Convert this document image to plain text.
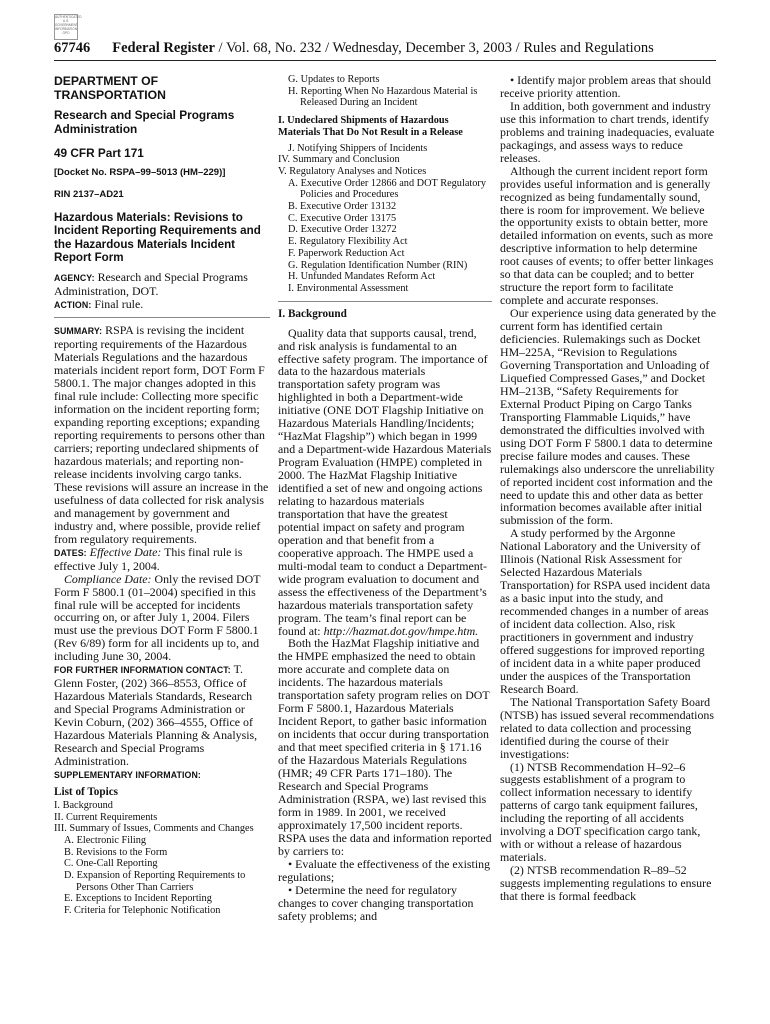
AUTHENTICATED U.S. GOVERNMENT INFORMATION GPO
67746 Federal Register / Vol. 68, No. 232 / Wednesday, December 3, 2003 / Rules and Regulations
DEPARTMENT OF TRANSPORTATION
Research and Special Programs Administration
49 CFR Part 171
[Docket No. RSPA–99–5013 (HM–229)]
RIN 2137–AD21
Hazardous Materials: Revisions to Incident Reporting Requirements and the Hazardous Materials Incident Report Form

AGENCY: Research and Special Programs Administration, DOT.

ACTION: Final rule.

SUMMARY: RSPA is revising the incident reporting requirements of the Hazardous Materials Regulations and the hazardous materials incident report form, DOT Form F 5800.1. The major changes adopted in this final rule include: Collecting more specific information on the incident reporting form; expanding reporting exceptions; expanding reporting requirements to persons other than carriers; reporting undeclared shipments of hazardous materials; and reporting non-release incidents involving cargo tanks. These revisions will assure an increase in the usefulness of data collected for risk analysis and management by government and industry and, where possible, provide relief from regulatory requirements.

DATES: Effective Date: This final rule is effective July 1, 2004.

Compliance Date: Only the revised DOT Form F 5800.1 (01–2004) specified in this final rule will be accepted for incidents occurring on, or after July 1, 2004. Filers must use the previous DOT Form F 5800.1 (Rev 6/89) form for all incidents up to, and including June 30, 2004.

FOR FURTHER INFORMATION CONTACT: T. Glenn Foster, (202) 366–8553, Office of Hazardous Materials Standards, Research and Special Programs Administration or Kevin Coburn, (202) 366–4555, Office of Hazardous Materials Planning & Analysis, Research and Special Programs Administration.

SUPPLEMENTARY INFORMATION:

List of Topics
I. Background
II. Current Requirements
III. Summary of Issues, Comments and Changes
A. Electronic Filing
B. Revisions to the Form
C. One-Call Reporting
D. Expansion of Reporting Requirements to Persons Other Than Carriers
E. Exceptions to Incident Reporting
F. Criteria for Telephonic Notification
G. Updates to Reports
H. Reporting When No Hazardous Material is Released During an Incident
I. Undeclared Shipments of Hazardous Materials That Do Not Result in a Release
J. Notifying Shippers of Incidents
IV. Summary and Conclusion
V. Regulatory Analyses and Notices
A. Executive Order 12866 and DOT Regulatory Policies and Procedures
B. Executive Order 13132
C. Executive Order 13175
D. Executive Order 13272
E. Regulatory Flexibility Act
F. Paperwork Reduction Act
G. Regulation Identification Number (RIN)
H. Unfunded Mandates Reform Act
I. Environmental Assessment
I. Background

Quality data that supports causal, trend, and risk analysis is fundamental to an effective safety program. The importance of data to the hazardous materials transportation safety program was highlighted in both a Department-wide initiative (ONE DOT Flagship Initiative on Hazardous Materials Handling/Incidents; “HazMat Flagship”) which began in 1999 and a Department-wide Hazardous Materials Program Evaluation (HMPE) completed in 2000. The HazMat Flagship Initiative identified a set of new and ongoing actions relating to hazardous materials transportation that have the greatest potential impact on safety and program operation and that benefit from a cooperative approach. The HMPE used a multi-modal team to conduct a Department-wide program evaluation to document and assess the effectiveness of the Department’s hazardous materials transportation safety program. The team’s final report can be found at: http://hazmat.dot.gov/hmpe.htm.

Both the HazMat Flagship initiative and the HMPE emphasized the need to obtain more accurate and complete data on incidents. The hazardous materials transportation safety program relies on DOT Form F 5800.1, Hazardous Materials Incident Report, to gather basic information on incidents that occur during transportation and that meet specified criteria in § 171.16 of the Hazardous Materials Regulations (HMR; 49 CFR Parts 171–180). The Research and Special Programs Administration (RSPA, we) last revised this form in 1989. In 2001, we received approximately 17,500 incident reports. RSPA uses the data and information reported by carriers to:

• Evaluate the effectiveness of the existing regulations;

• Determine the need for regulatory changes to cover changing transportation safety problems; and

• Identify major problem areas that should receive priority attention.

In addition, both government and industry use this information to chart trends, identify problems and training inadequacies, evaluate packagings, and assess ways to reduce releases.

Although the current incident report form provides useful information and is generally recognized as being fundamentally sound, there is room for improvement. We believe the opportunity exists to obtain better, more detailed information on events, such as more descriptive information to help determine root causes of events; to offer better linkages so that data can be coupled; and to better structure the report form to facilitate complete and accurate responses.

Our experience using data generated by the current form has identified certain deficiencies. Rulemakings such as Docket HM–225A, “Revision to Regulations Governing Transportation and Unloading of Liquefied Compressed Gases,” and Docket HM–213B, “Safety Requirements for External Product Piping on Cargo Tanks Transporting Flammable Liquids,” have demonstrated the difficulties involved with using DOT Form F 5800.1 data to determine precise failure modes and causes. These rulemakings also underscore the unreliability of reported incident cost information and the need to update this and other data as better information becomes available after initial submission of the form.

A study performed by the Argonne National Laboratory and the University of Illinois (National Risk Assessment for Selected Hazardous Materials Transportation) for RSPA used incident data as a basic input into the study, and recommended changes in a number of areas of incident data collection. Also, risk practitioners in government and industry offered suggestions for improved reporting of incident data in a white paper produced under the auspices of the Transportation Research Board.

The National Transportation Safety Board (NTSB) has issued several recommendations related to data collection and processing identified during the course of their investigations:

(1) NTSB Recommendation H–92–6 suggests establishment of a program to collect information necessary to identify patterns of cargo tank equipment failures, including the reporting of all accidents involving a DOT specification cargo tank, with or without a release of hazardous materials.

(2) NTSB recommendation R–89–52 suggests implementing regulations to ensure that there is formal feedback
